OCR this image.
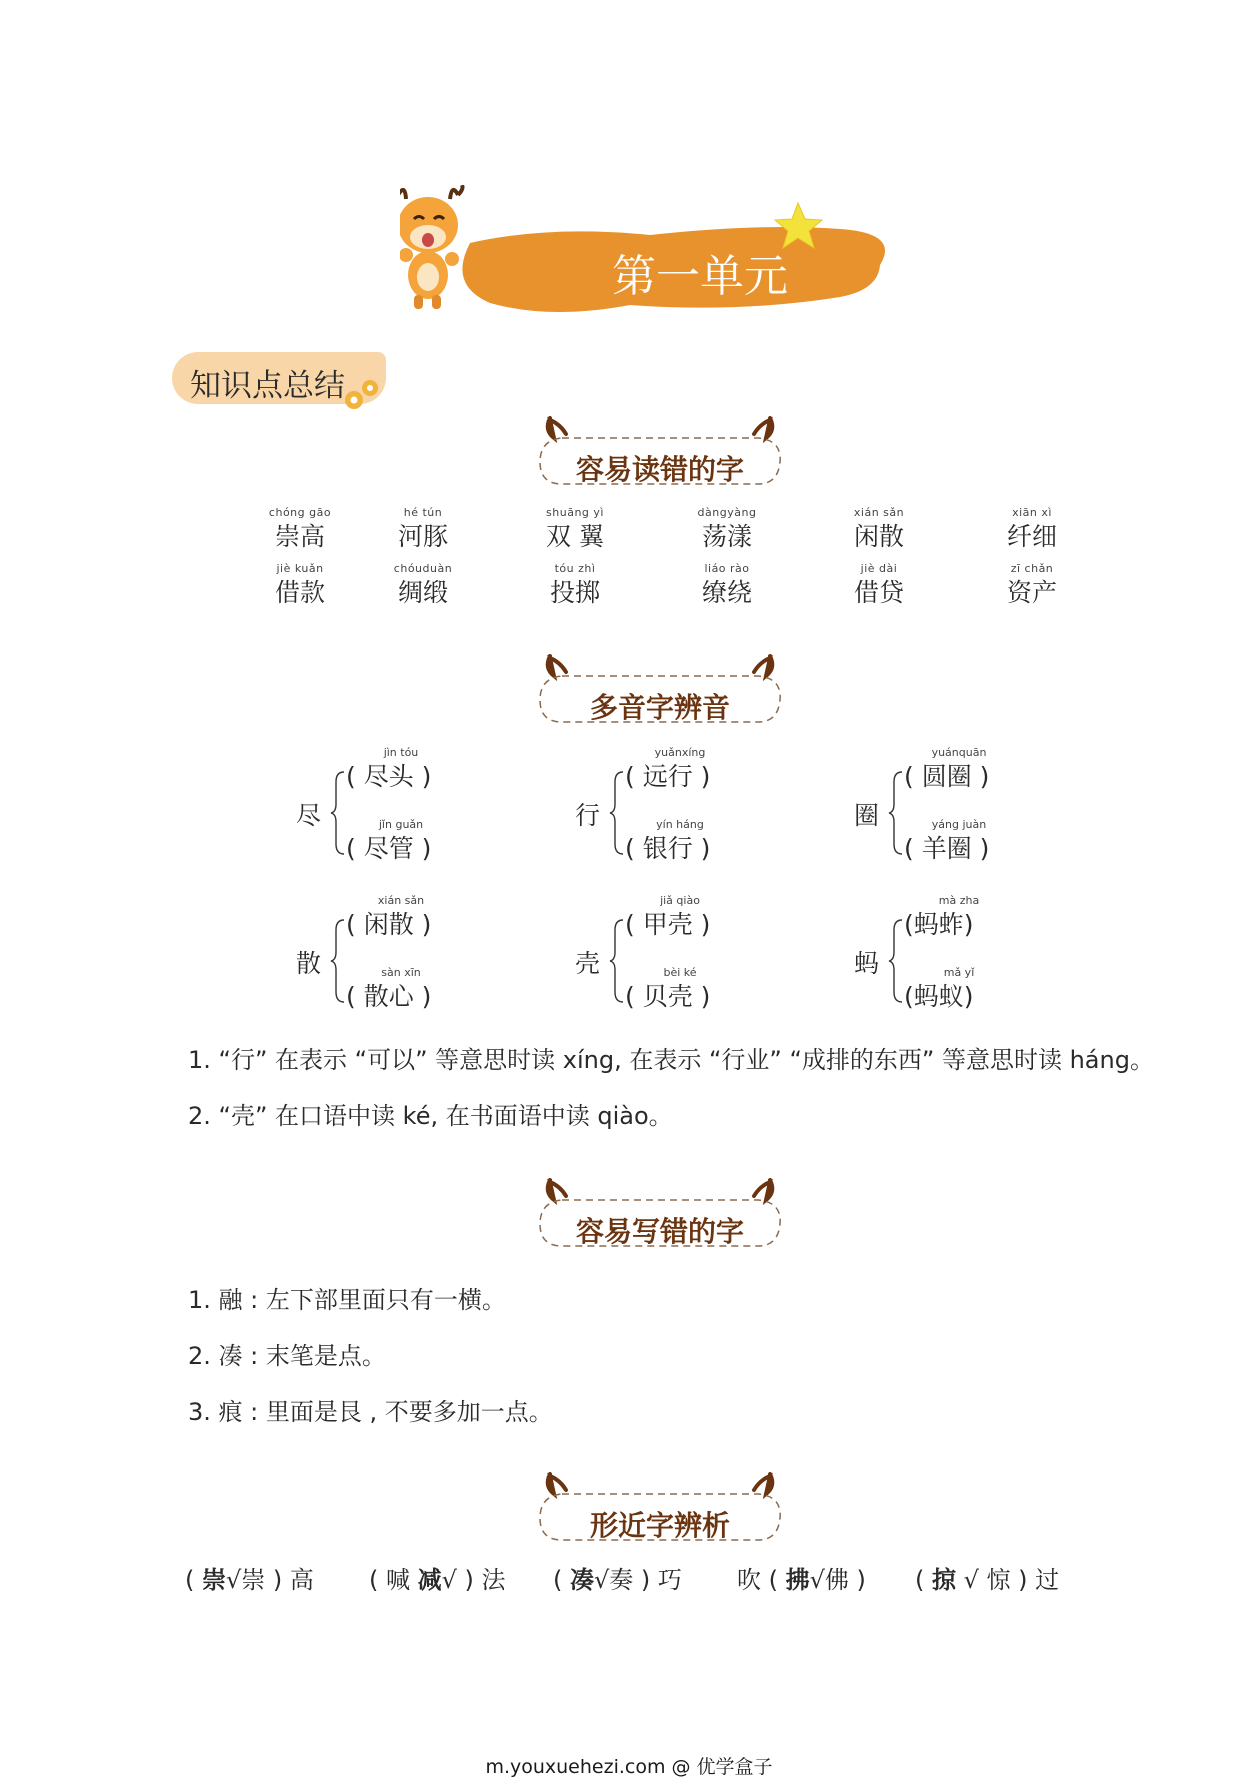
第一单元
知识点总结
容易读错的字
chóng gāo
崇高
hé tún
河豚
shuāng yì
双 翼
dàngyàng
荡漾
xián sǎn
闲散
xiān xì
纤细
jiè kuǎn
借款
chóuduàn
绸缎
tóu zhì
投掷
liáo rào
缭绕
jiè dài
借贷
zī chǎn
资产
多音字辨音
尽
jìn tóu
( 尽头 )
jǐn guǎn
( 尽管 )
行
yuǎnxíng
( 远行 )
yín háng
( 银行 )
圈
yuánquān
( 圆圈 )
yáng juàn
( 羊圈 )
散
xián sǎn
( 闲散 )
sàn xīn
( 散心 )
壳
jiǎ qiào
( 甲壳 )
bèi ké
( 贝壳 )
蚂
mà zha
(蚂蚱)
mǎ yǐ
(蚂蚁)
1. “行” 在表示 “可以” 等意思时读 xíng, 在表示 “行业” “成排的东西” 等意思时读 háng。
2. “壳” 在口语中读 ké, 在书面语中读 qiào。
容易写错的字
1. 融 : 左下部里面只有一横。
2. 凑 : 末笔是点。
3. 痕 : 里面是艮 , 不要多加一点。
形近字辨析
( 崇√崇 ) 高 ( 喊 减√ ) 法 ( 凑√奏 ) 巧 吹 ( 拂√佛 ) ( 掠 √ 惊 ) 过
m.youxuehezi.com @ 优学盒子
